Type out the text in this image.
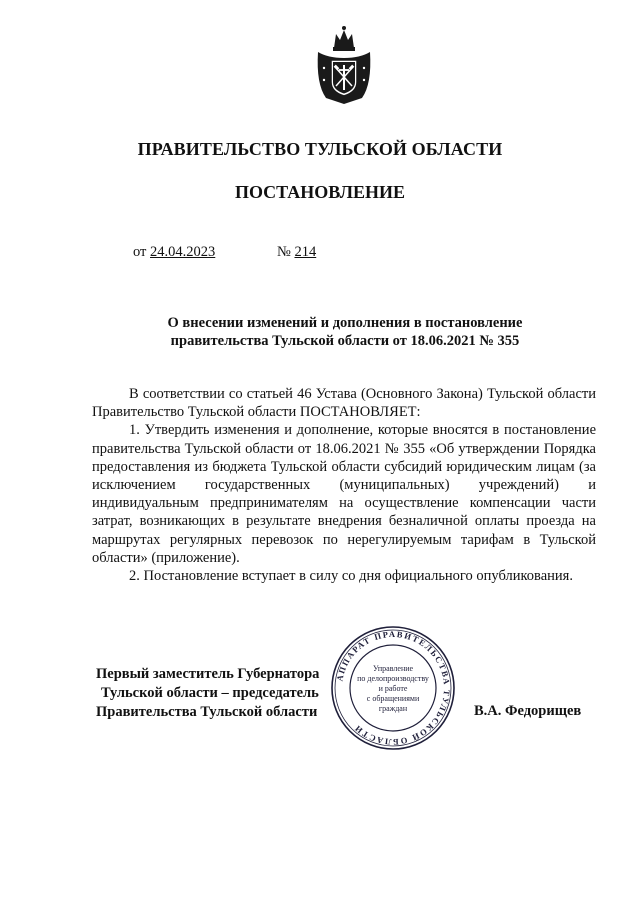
ПРАВИТЕЛЬСТВО ТУЛЬСКОЙ ОБЛАСТИ
ПОСТАНОВЛЕНИЕ
от 24.04.2023	№ 214
О внесении изменений и дополнения в постановление
правительства Тульской области от 18.06.2021 № 355

В соответствии со статьей 46 Устава (Основного Закона) Тульской области Правительство Тульской области ПОСТАНОВЛЯЕТ:

1. Утвердить изменения и дополнение, которые вносятся в постановление правительства Тульской области от 18.06.2021 № 355 «Об утверждении Порядка предоставления из бюджета Тульской области субсидий юридическим лицам (за исключением государственных (муниципальных) учреждений) и индивидуальным предпринимателям на осуществление компенсации части затрат, возникающих в результате внедрения безналичной оплаты проезда на маршрутах регулярных перевозок по нерегулируемым тарифам в Тульской области» (приложение).

2. Постановление вступает в силу со дня официального опубликования.

Первый заместитель Губернатора
Тульской области – председатель
Правительства Тульской области	В.А. Федорищев
АППАРАТ ПРАВИТЕЛЬСТВА ТУЛЬСКОЙ ОБЛАСТИ
Управление
по делопроизводству
и работе
с обращениями
граждан
